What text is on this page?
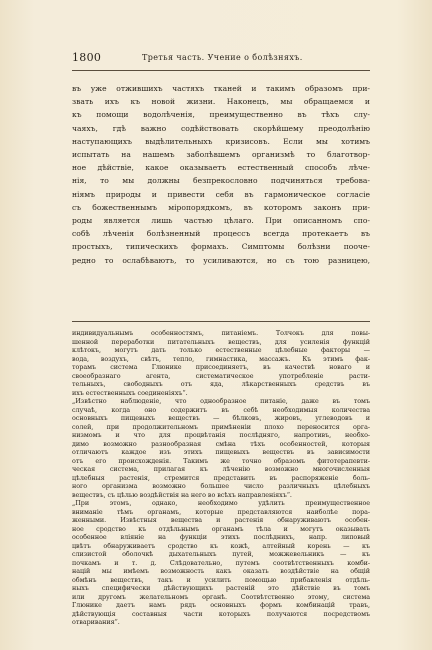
1800	Третья часть. Учение о болѣзняхъ.

въ уже отжившихъ частяхъ тканей и такимъ образомъ при-
звать ихъ къ новой жизни. Наконецъ, мы обращаемся и
къ помощи водолѣченія, преимущественно въ тѣхъ слу-
чаяхъ, гдѣ важно содѣйствовать скорѣйшему преодолѣнію
наступающихъ выдѣлительныхъ кризисовъ. Если мы хотимъ
испытать на нашемъ заболѣвшемъ организмѣ то благотвор-
ное дѣйствіе, какое оказываетъ естественный способъ лѣче-
нія, то мы должны безпрекословно подчиняться требова-
ніямъ природы и привести себя въ гармоническое согласіе
съ божественнымъ міропорядкомъ, въ которомъ законъ при-
роды является лишь частью цѣлаго. При описанномъ спо-
собѣ лѣченія болѣзненный процессъ всегда протекаетъ въ
простыхъ, типическихъ формахъ. Симптомы болѣзни пооче-
редно то ослабѣваютъ, то усиливаются, но съ тою разницею,

индивидуальнымъ особенностямъ, питаніемъ. Толчокъ для повы-
шенной переработки питательныхъ веществъ, для усиленія функцій
клѣтокъ, могутъ дать только естественные цѣлебные факторы —
вода, воздухъ, свѣтъ, тепло, гимнастика, массажъ. Къ этимъ фак-
торамъ система Глюнике присоединяетъ, въ качествѣ новаго и
своеобразнаго агента, систематическое употребленіе расти-
тельныхъ, свободныхъ отъ яда, лѣкарственныхъ средствъ въ
ихъ естественныхъ соединеніяхъ“.

„Извѣстно наблюденіе, что однообразное питаніе, даже въ томъ
случаѣ, когда оно содержитъ въ себѣ необходимыя количества
основныхъ пищевыхъ веществъ — бѣлковъ, жировъ, углеводовъ и
солей, при продолжительномъ примѣненіи плохо переносится орга-
низмомъ и что для процвѣтанія послѣдняго, напротивъ, необхо-
димо возможно разнообразная смѣна тѣхъ особенностей, которыя
отличаютъ каждое изъ этихъ пищевыхъ веществъ въ зависимости
отъ его происхожденія. Такимъ же точно образомъ фитотерапевти-
ческая система, прилагая къ лѣченію возможно многочисленныя
цѣлебныя растенія, стремится представить въ распоряженіе боль-
ного организма возможно большее число различныхъ цѣлебныхъ
веществъ, съ цѣлью воздѣйствія на него во всѣхъ направленіяхъ“.

„При этомъ, однако, необходимо удѣлить преимущественное
вниманіе тѣмъ органамъ, которые представляются наиболѣе пора-
женными. Извѣстныя вещества и растенія обнаруживаютъ особен-
ное сродство къ отдѣльнымъ органамъ тѣла и могутъ оказывать
особенное вліяніе на функціи этихъ послѣднихъ, напр. липовый
цвѣтъ обнаруживаетъ сродство къ кожѣ, алтейный корень — къ
слизистой оболочкѣ дыхательныхъ путей, можжевельникъ — къ
почкамъ и т. д. Слѣдовательно, путемъ соотвѣтственныхъ комби-
націй мы имѣемъ возможность какъ оказать воздѣйствіе на общій
обмѣнъ веществъ, такъ и усилить помощью прибавленія отдѣль-
ныхъ специфически дѣйствующихъ растеній это дѣйствіе въ томъ
или другомъ желательномъ органѣ. Соотвѣтственно этому, система
Глюнике даетъ намъ рядъ основныхъ формъ комбинацій травъ,
дѣйствующія составныя части которыхъ получаются посредствомъ
отваривания“.
